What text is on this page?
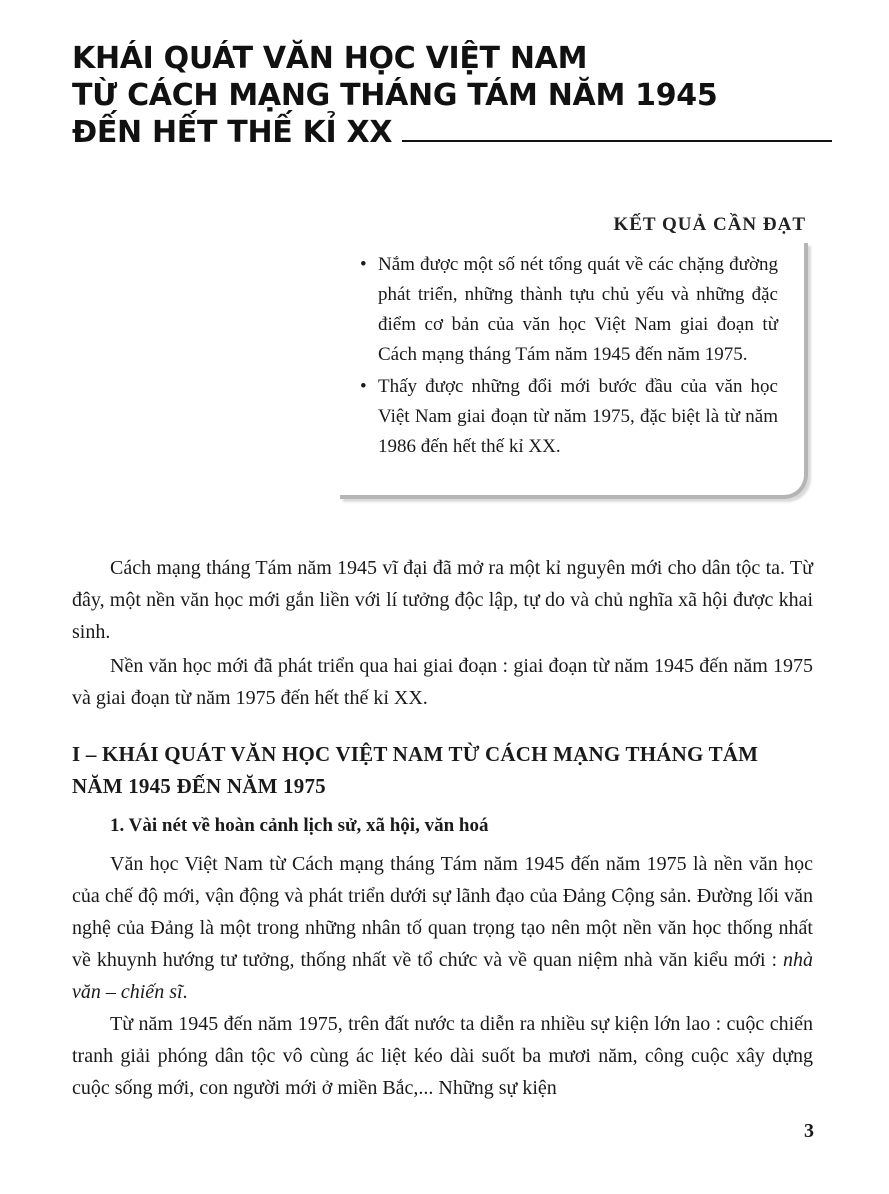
KHÁI QUÁT VĂN HỌC VIỆT NAM
TỪ CÁCH MẠNG THÁNG TÁM NĂM 1945
ĐẾN HẾT THẾ KỈ XX
KẾT QUẢ CẦN ĐẠT
• Nắm được một số nét tổng quát về các chặng đường phát triển, những thành tựu chủ yếu và những đặc điểm cơ bản của văn học Việt Nam giai đoạn từ Cách mạng tháng Tám năm 1945 đến năm 1975.
• Thấy được những đổi mới bước đầu của văn học Việt Nam giai đoạn từ năm 1975, đặc biệt là từ năm 1986 đến hết thế kỉ XX.

Cách mạng tháng Tám năm 1945 vĩ đại đã mở ra một kỉ nguyên mới cho dân tộc ta. Từ đây, một nền văn học mới gắn liền với lí tưởng độc lập, tự do và chủ nghĩa xã hội được khai sinh.

Nền văn học mới đã phát triển qua hai giai đoạn : giai đoạn từ năm 1945 đến năm 1975 và giai đoạn từ năm 1975 đến hết thế kỉ XX.

I – KHÁI QUÁT VĂN HỌC VIỆT NAM TỪ CÁCH MẠNG THÁNG TÁM NĂM 1945 ĐẾN NĂM 1975
1. Vài nét về hoàn cảnh lịch sử, xã hội, văn hoá

Văn học Việt Nam từ Cách mạng tháng Tám năm 1945 đến năm 1975 là nền văn học của chế độ mới, vận động và phát triển dưới sự lãnh đạo của Đảng Cộng sản. Đường lối văn nghệ của Đảng là một trong những nhân tố quan trọng tạo nên một nền văn học thống nhất về khuynh hướng tư tưởng, thống nhất về tổ chức và về quan niệm nhà văn kiểu mới : nhà văn – chiến sĩ.

Từ năm 1945 đến năm 1975, trên đất nước ta diễn ra nhiều sự kiện lớn lao : cuộc chiến tranh giải phóng dân tộc vô cùng ác liệt kéo dài suốt ba mươi năm, công cuộc xây dựng cuộc sống mới, con người mới ở miền Bắc,... Những sự kiện

3
